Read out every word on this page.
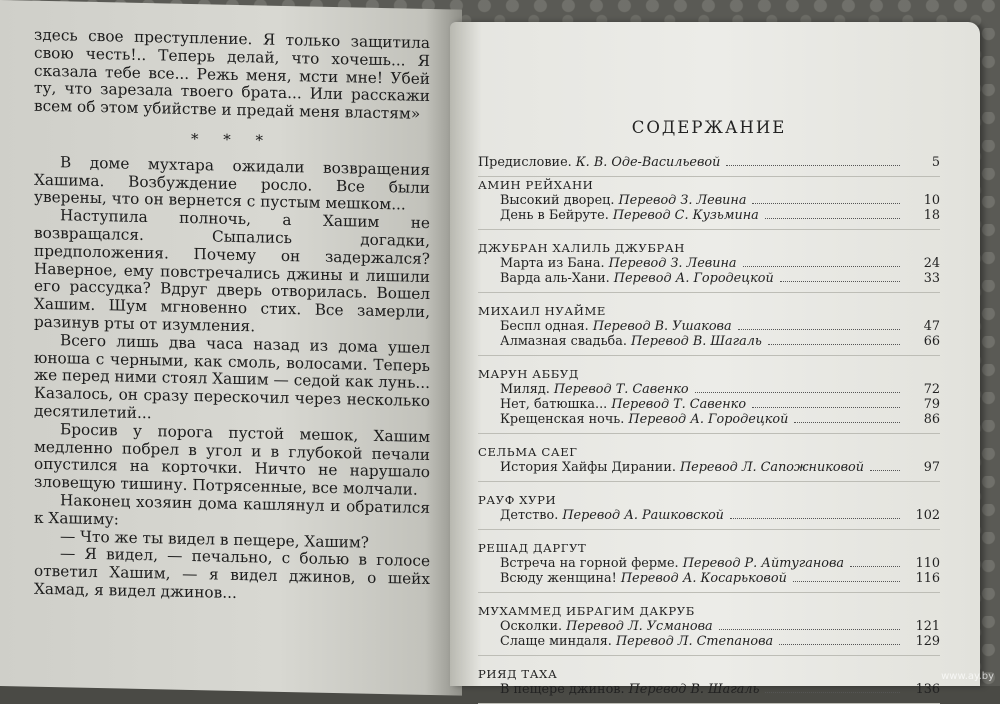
здесь свое преступление. Я только защитила свою честь!.. Теперь делай, что хочешь... Я сказала тебе все... Режь меня, мсти мне! Убей ту, что зарезала твоего брата... Или расскажи всем об этом убийстве и предай меня властям»

* * *

В доме мухтара ожидали возвращения Хашима. Возбуждение росло. Все были уверены, что он вернется с пустым мешком...

Наступила полночь, а Хашим не возвращался. Сыпались догадки, предположения. Почему он задержался? Наверное, ему повстречались джины и лишили его рассудка? Вдруг дверь отворилась. Вошел Хашим. Шум мгновенно стих. Все замерли, разинув рты от изумления.

Всего лишь два часа назад из дома ушел юноша с черными, как смоль, волосами. Теперь же перед ними стоял Хашим — седой как лунь... Казалось, он сразу перескочил через несколько десятилетий...

Бросив у порога пустой мешок, Хашим медленно побрел в угол и в глубокой печали опустился на корточки. Ничто не нарушало зловещую тишину. Потрясенные, все молчали.

Наконец хозяин дома кашлянул и обратился к Хашиму:

— Что же ты видел в пещере, Хашим?

— Я видел, — печально, с болью в голосе ответил Хашим, — я видел джинов, о шейх Хамад, я видел джинов...

СОДЕРЖАНИЕ
Предисловие. К. В. Оде-Васильевой	5
АМИН РЕЙХАНИ
Высокий дворец. Перевод З. Левина	10
День в Бейруте. Перевод С. Кузьмина	18
ДЖУБРАН ХАЛИЛЬ ДЖУБРАН
Марта из Бана. Перевод З. Левина	24
Варда аль-Хани. Перевод А. Городецкой	33
МИХАИЛ НУАЙМЕ
Беспл одная. Перевод В. Ушакова	47
Алмазная свадьба. Перевод В. Шагаль	66
МАРУН АББУД
Миляд. Перевод Т. Савенко	72
Нет, батюшка... Перевод Т. Савенко	79
Крещенская ночь. Перевод А. Городецкой	86
СЕЛЬМА САЕГ
История Хайфы Дирании. Перевод Л. Сапожниковой	97
РАУФ ХУРИ
Детство. Перевод А. Рашковской	102
РЕШАД ДАРГУТ
Встреча на горной ферме. Перевод Р. Айтуганова	110
Всюду женщина! Перевод А. Косарьковой	116
МУХАММЕД ИБРАГИМ ДАКРУБ
Осколки. Перевод Л. Усманова	121
Слаще миндаля. Перевод Л. Степанова	129
РИЯД ТАХА
В пещере джинов. Перевод В. Шагаль	136
www.ay.by
